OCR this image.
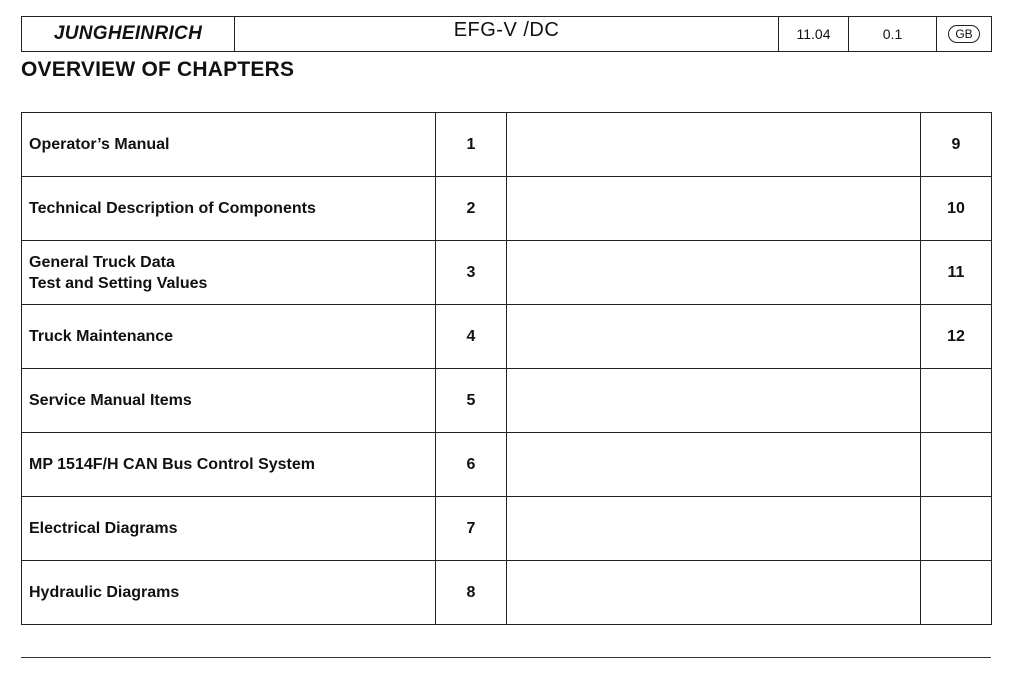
JUNGHEINRICH	EFG-V /DC	11.04	0.1	GB
OVERVIEW OF CHAPTERS
Operator’s Manual	1		9

Technical Description of Components	2		10

General Truck Data
Test and Setting Values	3		11

Truck Maintenance	4		12

Service Manual Items	5		

MP 1514F/H CAN Bus Control System	6		

Electrical Diagrams	7		

Hydraulic Diagrams	8		
